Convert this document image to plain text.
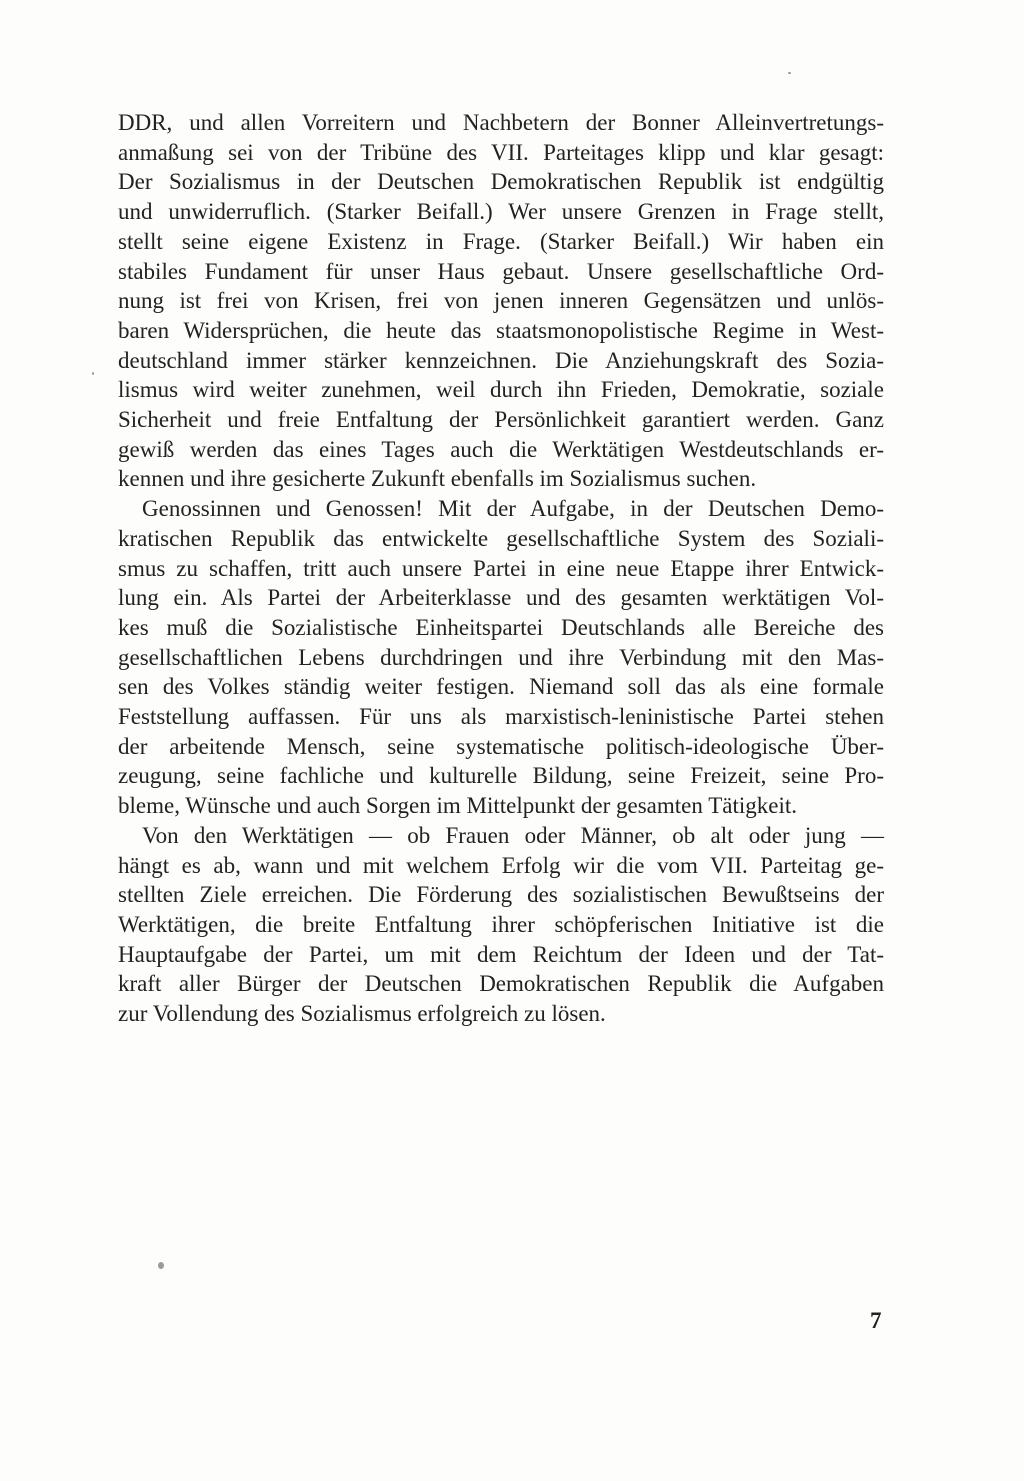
DDR, und allen Vorreitern und Nachbetern der Bonner Alleinvertretungs-
anmaßung sei von der Tribüne des VII. Parteitages klipp und klar gesagt:
Der Sozialismus in der Deutschen Demokratischen Republik ist endgültig
und unwiderruflich. (Starker Beifall.) Wer unsere Grenzen in Frage stellt,
stellt seine eigene Existenz in Frage. (Starker Beifall.) Wir haben ein
stabiles Fundament für unser Haus gebaut. Unsere gesellschaftliche Ord-
nung ist frei von Krisen, frei von jenen inneren Gegensätzen und unlös-
baren Widersprüchen, die heute das staatsmonopolistische Regime in West-
deutschland immer stärker kennzeichnen. Die Anziehungskraft des Sozia-
lismus wird weiter zunehmen, weil durch ihn Frieden, Demokratie, soziale
Sicherheit und freie Entfaltung der Persönlichkeit garantiert werden. Ganz
gewiß werden das eines Tages auch die Werktätigen Westdeutschlands er-
kennen und ihre gesicherte Zukunft ebenfalls im Sozialismus suchen.

Genossinnen und Genossen! Mit der Aufgabe, in der Deutschen Demo-
kratischen Republik das entwickelte gesellschaftliche System des Soziali-
smus zu schaffen, tritt auch unsere Partei in eine neue Etappe ihrer Entwick-
lung ein. Als Partei der Arbeiterklasse und des gesamten werktätigen Vol-
kes muß die Sozialistische Einheitspartei Deutschlands alle Bereiche des
gesellschaftlichen Lebens durchdringen und ihre Verbindung mit den Mas-
sen des Volkes ständig weiter festigen. Niemand soll das als eine formale
Feststellung auffassen. Für uns als marxistisch-leninistische Partei stehen
der arbeitende Mensch, seine systematische politisch-ideologische Über-
zeugung, seine fachliche und kulturelle Bildung, seine Freizeit, seine Pro-
bleme, Wünsche und auch Sorgen im Mittelpunkt der gesamten Tätigkeit.

Von den Werktätigen — ob Frauen oder Männer, ob alt oder jung —
hängt es ab, wann und mit welchem Erfolg wir die vom VII. Parteitag ge-
stellten Ziele erreichen. Die Förderung des sozialistischen Bewußtseins der
Werktätigen, die breite Entfaltung ihrer schöpferischen Initiative ist die
Hauptaufgabe der Partei, um mit dem Reichtum der Ideen und der Tat-
kraft aller Bürger der Deutschen Demokratischen Republik die Aufgaben
zur Vollendung des Sozialismus erfolgreich zu lösen.

7
